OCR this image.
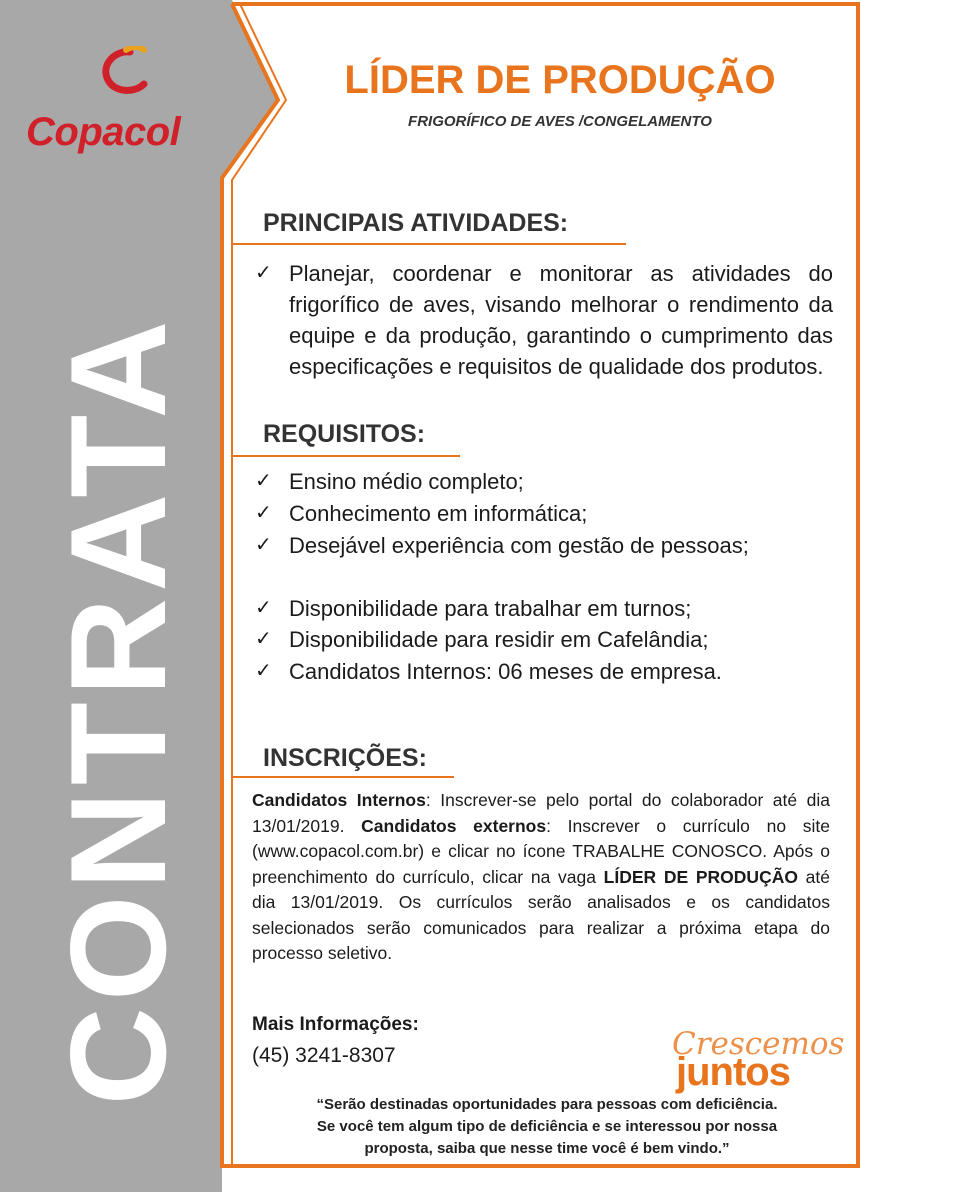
Copacol
CONTRATA
LÍDER DE PRODUÇÃO
FRIGORÍFICO DE AVES /CONGELAMENTO
PRINCIPAIS ATIVIDADES:
✓ Planejar, coordenar e monitorar as atividades do frigorífico de aves, visando melhorar o rendimento da equipe e da produção, garantindo o cumprimento das especificações e requisitos de qualidade dos produtos.
REQUISITOS:
✓ Ensino médio completo;
✓ Conhecimento em informática;
✓ Desejável experiência com gestão de pessoas;
✓ Disponibilidade para trabalhar em turnos;
✓ Disponibilidade para residir em Cafelândia;
✓ Candidatos Internos: 06 meses de empresa.
INSCRIÇÕES:
Candidatos Internos: Inscrever-se pelo portal do colaborador até dia 13/01/2019. Candidatos externos: Inscrever o currículo no site (www.copacol.com.br) e clicar no ícone TRABALHE CONOSCO. Após o preenchimento do currículo, clicar na vaga LÍDER DE PRODUÇÃO até dia 13/01/2019. Os currículos serão analisados e os candidatos selecionados serão comunicados para realizar a próxima etapa do processo seletivo.
Mais Informações:
(45) 3241-8307	Crescemos
juntos
“Serão destinadas oportunidades para pessoas com deficiência.
Se você tem algum tipo de deficiência e se interessou por nossa
proposta, saiba que nesse time você é bem vindo.”
